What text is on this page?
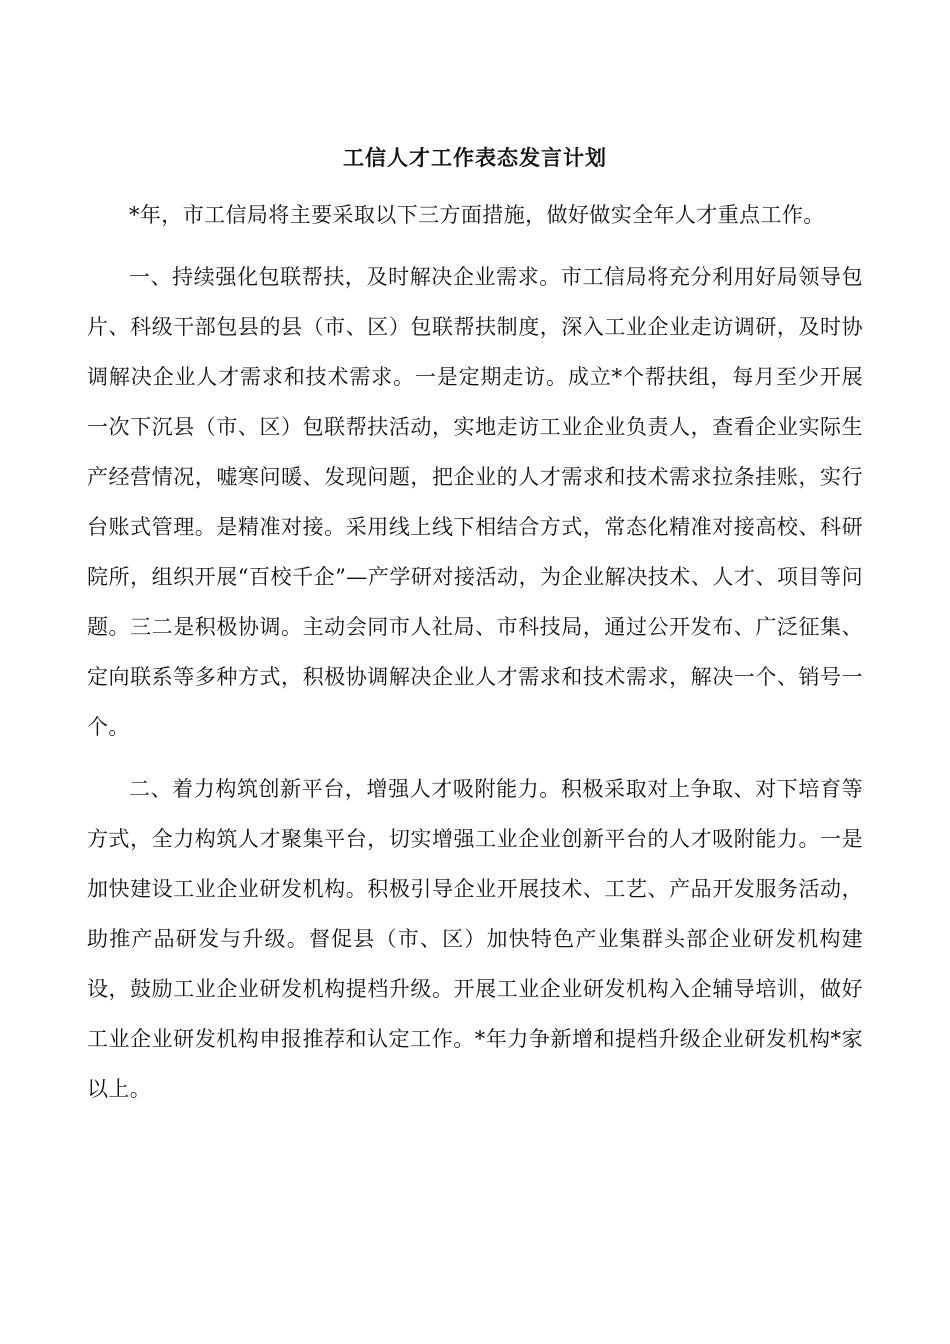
工信人才工作表态发言计划

*年，市工信局将主要采取以下三方面措施，做好做实全年人才重点工作。

一、持续强化包联帮扶，及时解决企业需求。市工信局将充分利用好局领导包片、科级干部包县的县（市、区）包联帮扶制度，深入工业企业走访调研，及时协调解决企业人才需求和技术需求。一是定期走访。成立*个帮扶组，每月至少开展一次下沉县（市、区）包联帮扶活动，实地走访工业企业负责人，查看企业实际生产经营情况，嘘寒问暖、发现问题，把企业的人才需求和技术需求拉条挂账，实行台账式管理。是精准对接。采用线上线下相结合方式，常态化精准对接高校、科研院所，组织开展“百校千企”—产学研对接活动，为企业解决技术、人才、项目等问题。三二是积极协调。主动会同市人社局、市科技局，通过公开发布、广泛征集、定向联系等多种方式，积极协调解决企业人才需求和技术需求，解决一个、销号一个。

二、着力构筑创新平台，增强人才吸附能力。积极采取对上争取、对下培育等方式，全力构筑人才聚集平台，切实增强工业企业创新平台的人才吸附能力。一是加快建设工业企业研发机构。积极引导企业开展技术、工艺、产品开发服务活动，助推产品研发与升级。督促县（市、区）加快特色产业集群头部企业研发机构建设，鼓励工业企业研发机构提档升级。开展工业企业研发机构入企辅导培训，做好工业企业研发机构申报推荐和认定工作。*年力争新增和提档升级企业研发机构*家以上。
